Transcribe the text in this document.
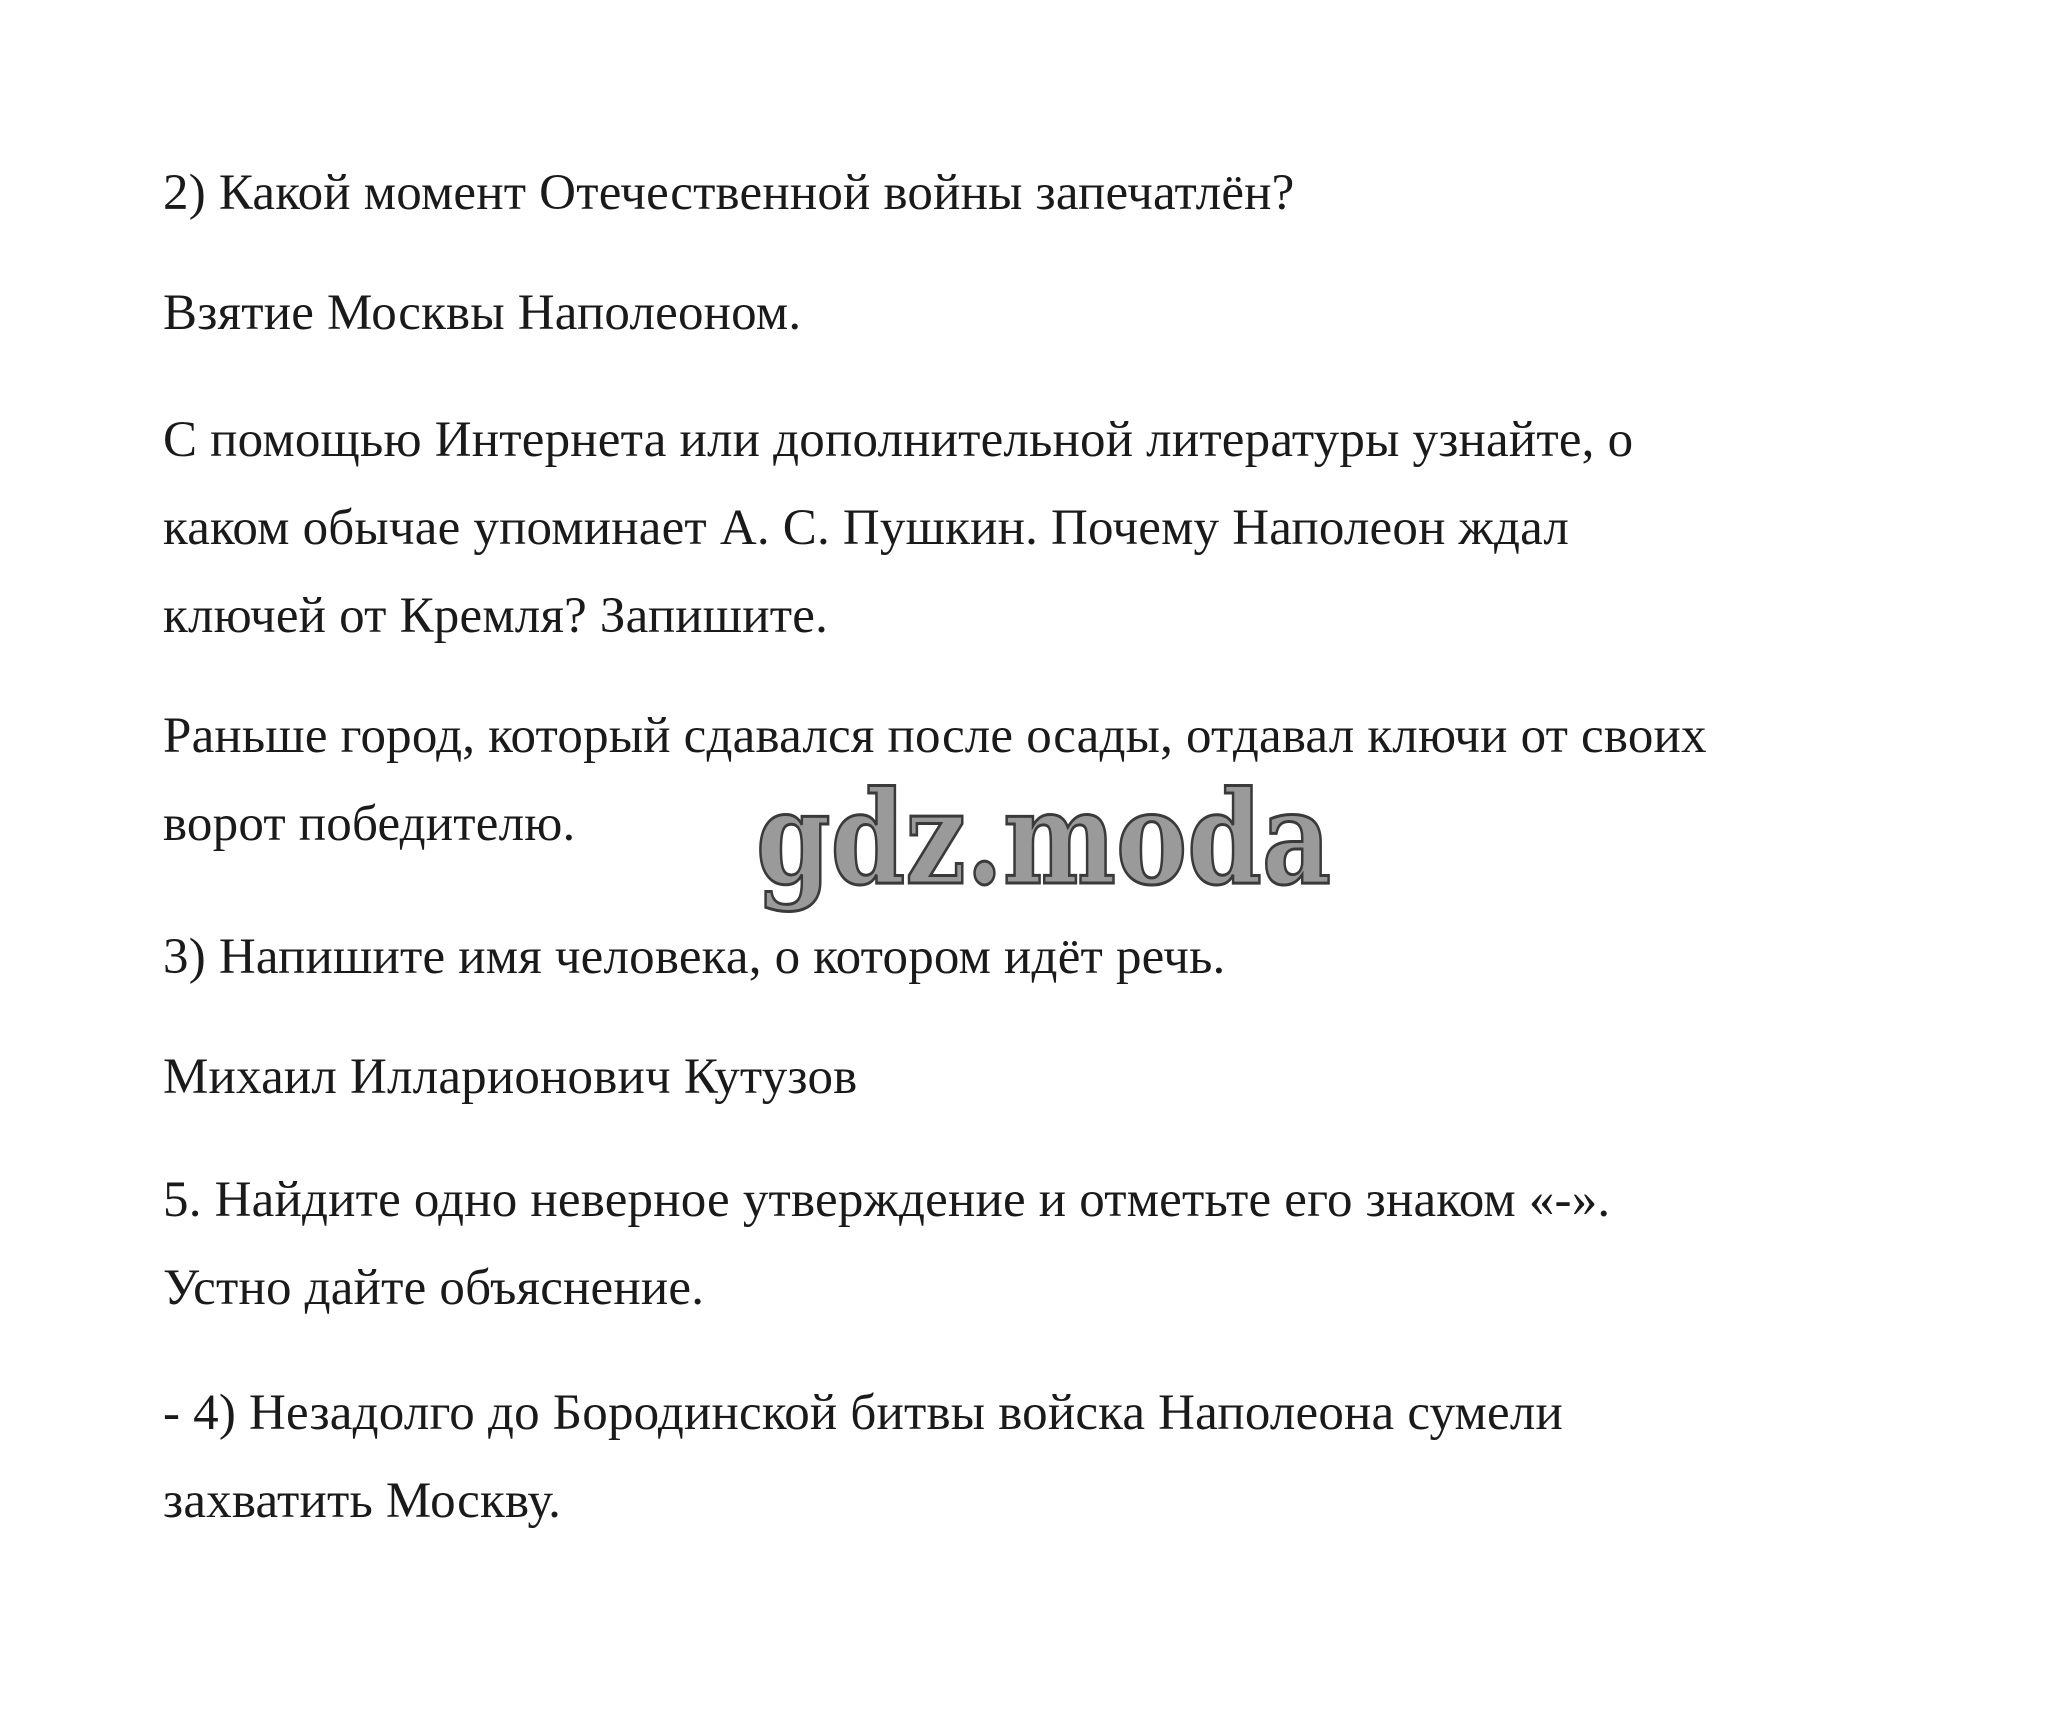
2) Какой момент Отечественной войны запечатлён?
Взятие Москвы Наполеоном.
С помощью Интернета или дополнительной литературы узнайте, о
каком обычае упоминает А. С. Пушкин. Почему Наполеон ждал
ключей от Кремля? Запишите.
Раньше город, который сдавался после осады, отдавал ключи от своих
ворот победителю.
3) Напишите имя человека, о котором идёт речь.
Михаил Илларионович Кутузов
5. Найдите одно неверное утверждение и отметьте его знаком «-».
Устно дайте объяснение.
- 4) Незадолго до Бородинской битвы войска Наполеона сумели
захватить Москву.
gdz.moda
